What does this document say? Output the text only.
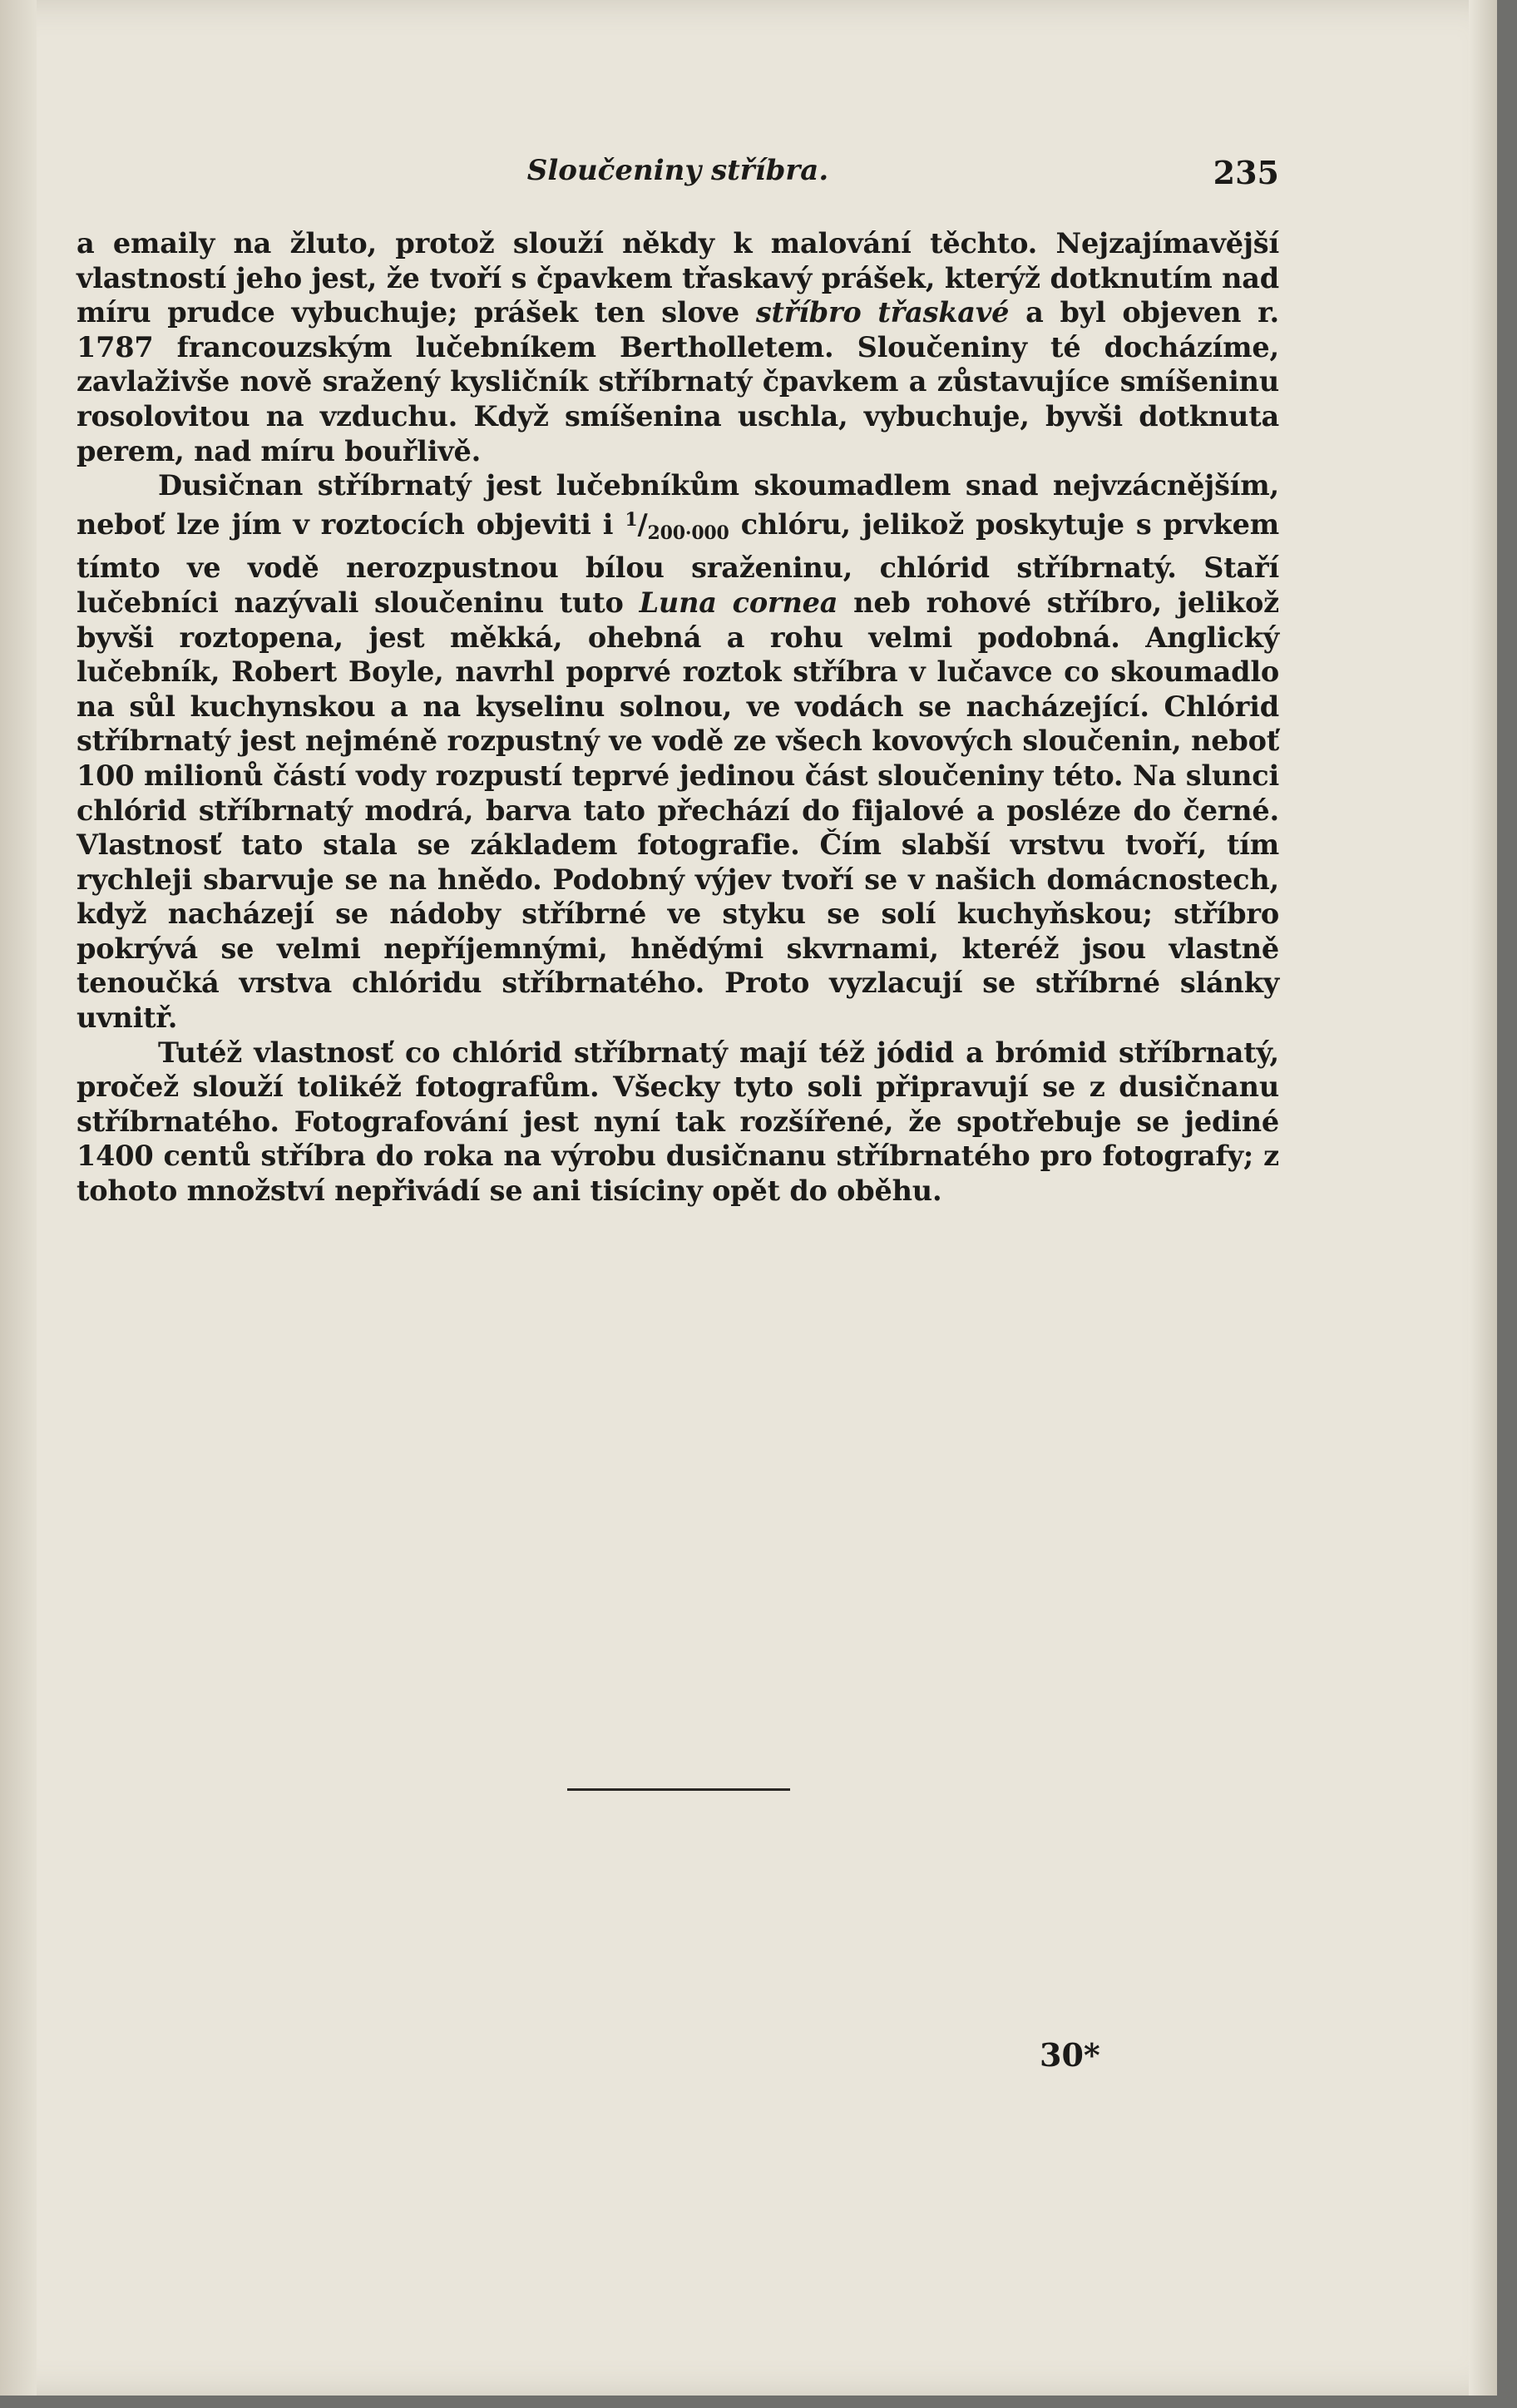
Sloučeniny stříbra.	235

a emaily na žluto, protož slouží někdy k malování těchto. Nejzajímavější vlastností jeho jest, že tvoří s čpavkem třaskavý prášek, kterýž dotknutím nad míru prudce vybuchuje; prášek ten slove stříbro třaskavé a byl objeven r. 1787 francouzským lučebníkem Bertholletem. Sloučeniny té docházíme, zavlaživše nově sražený kysličník stříbrnatý čpavkem a zůstavujíce smíšeninu rosolovitou na vzduchu. Když smíšenina uschla, vybuchuje, byvši dotknuta perem, nad míru bouřlivě.

Dusičnan stříbrnatý jest lučebníkům skoumadlem snad nejvzácnějším, neboť lze jím v roztocích objeviti i $^1/_{200\cdot 000}$ chlóru, jelikož poskytuje s prvkem tímto ve vodě nerozpustnou bílou sraženinu, chlórid stříbrnatý. Staří lučebníci nazývali sloučeninu tuto Luna cornea neb rohové stříbro, jelikož byvši roztopena, jest měkká, ohebná a rohu velmi podobná. Anglický lučebník, Robert Boyle, navrhl poprvé roztok stříbra v lučavce co skoumadlo na sůl kuchynskou a na kyselinu solnou, ve vodách se nacházející. Chlórid stříbrnatý jest nejméně rozpustný ve vodě ze všech kovových sloučenin, neboť 100 milionů částí vody rozpustí teprvé jedinou část sloučeniny této. Na slunci chlórid stříbrnatý modrá, barva tato přechází do fijalové a posléze do černé. Vlastnosť tato stala se základem fotografie. Čím slabší vrstvu tvoří, tím rychleji sbarvuje se na hnědo. Podobný výjev tvoří se v našich domácnostech, když nacházejí se nádoby stříbrné ve styku se solí kuchyňskou; stříbro pokrývá se velmi nepříjemnými, hnědými skvrnami, kteréž jsou vlastně tenoučká vrstva chlóridu stříbrnatého. Proto vyzlacují se stříbrné slánky uvnitř.

Tutéž vlastnosť co chlórid stříbrnatý mají též jódid a brómid stříbrnatý, pročež slouží tolikéž fotografům. Všecky tyto soli připravují se z dusičnanu stříbrnatého. Fotografování jest nyní tak rozšířené, že spotřebuje se jediné 1400 centů stříbra do roka na výrobu dusičnanu stříbrnatého pro fotografy; z tohoto množství nepřivádí se ani tisíciny opět do oběhu.

30*
